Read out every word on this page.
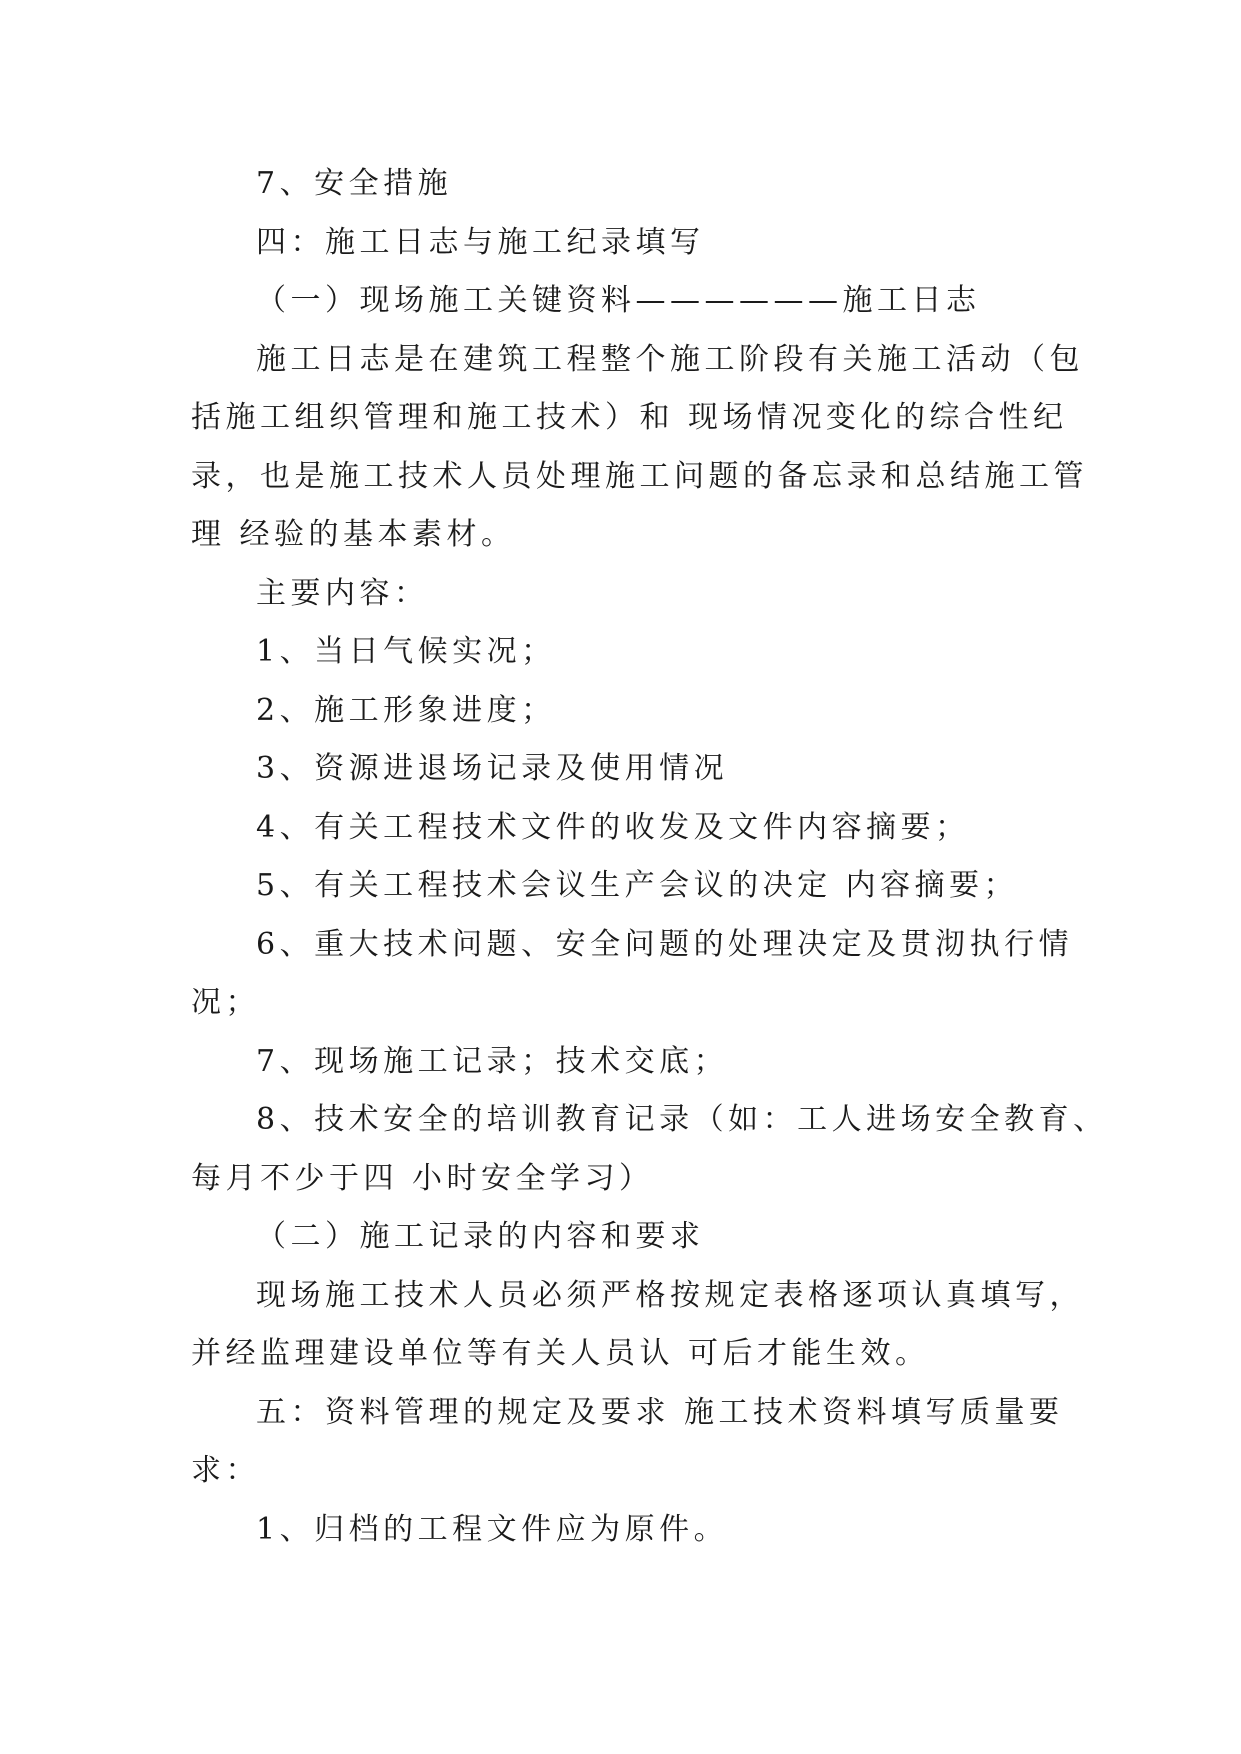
7、安全措施

四：施工日志与施工纪录填写

（一）现场施工关键资料——————施工日志

施工日志是在建筑工程整个施工阶段有关施工活动（包

括施工组织管理和施工技术）和 现场情况变化的综合性纪

录，也是施工技术人员处理施工问题的备忘录和总结施工管

理 经验的基本素材。

主要内容：

1、当日气候实况；

2、施工形象进度；

3、资源进退场记录及使用情况

4、有关工程技术文件的收发及文件内容摘要；

5、有关工程技术会议生产会议的决定 内容摘要；

6、重大技术问题、安全问题的处理决定及贯沏执行情

况；

7、现场施工记录；技术交底；

8、技术安全的培训教育记录（如：工人进场安全教育、

每月不少于四 小时安全学习）

（二）施工记录的内容和要求

现场施工技术人员必须严格按规定表格逐项认真填写，

并经监理建设单位等有关人员认 可后才能生效。

五：资料管理的规定及要求 施工技术资料填写质量要

求：

1、归档的工程文件应为原件。
